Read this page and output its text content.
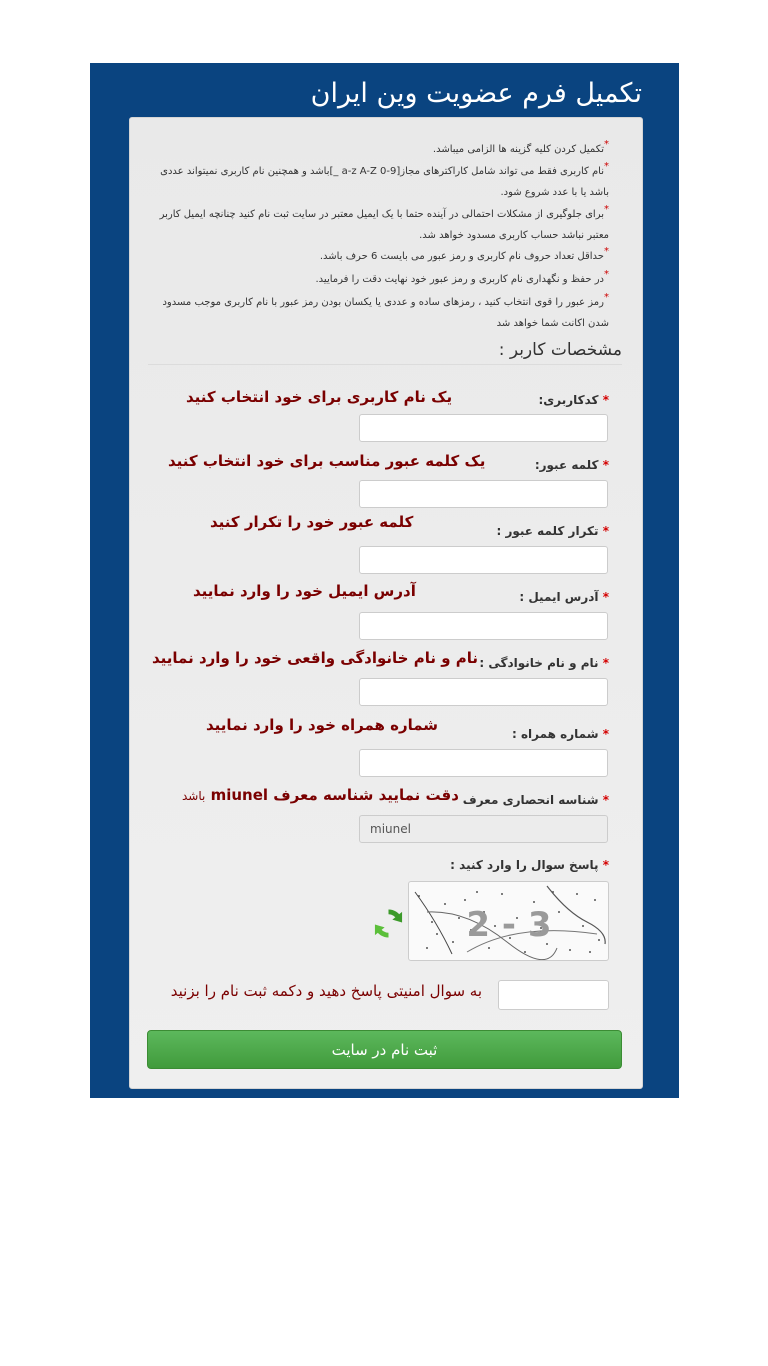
تکمیل فرم عضویت وین ایران
*تکمیل کردن کلیه گزینه ها الزامی میباشد.
*نام کاربری فقط می تواند شامل کاراکترهای مجاز[a-z A-Z 0-9 _]باشد و همچنین نام کاربری نمیتواند عددی باشد یا با عدد شروع شود.
*برای جلوگیری از مشکلات احتمالی در آینده حتما با یک ایمیل معتبر در سایت ثبت نام کنید چنانچه ایمیل کاربر معتبر نباشد حساب کاربری مسدود خواهد شد.
*حداقل تعداد حروف نام کاربری و رمز عبور می بایست 6 حرف باشد.
*در حفظ و نگهداری نام کاربری و رمز عبور خود نهایت دقت را فرمایید.
*رمز عبور را قوی انتخاب کنید ، رمزهای ساده و عددی یا یکسان بودن رمز عبور با نام کاربری موجب مسدود شدن اکانت شما خواهد شد
مشخصات کاربر :
* کدکاربری:
یک نام کاربری برای خود انتخاب کنید
* کلمه عبور:
یک کلمه عبور مناسب برای خود انتخاب کنید
* تکرار کلمه عبور :
کلمه عبور خود را تکرار کنید
* آدرس ایمیل :
آدرس ایمیل خود را وارد نمایید
* نام و نام خانوادگی :
نام و نام خانوادگی واقعی خود را وارد نمایید
* شماره همراه :
شماره همراه خود را وارد نمایید
* شناسه انحصاری معرف
دقت نمایید شناسه معرف miunel باشد
miunel
* پاسخ سوال را وارد کنید :
3 - 2
به سوال امنیتی پاسخ دهید و دکمه ثبت نام را بزنید
ثبت نام در سایت
